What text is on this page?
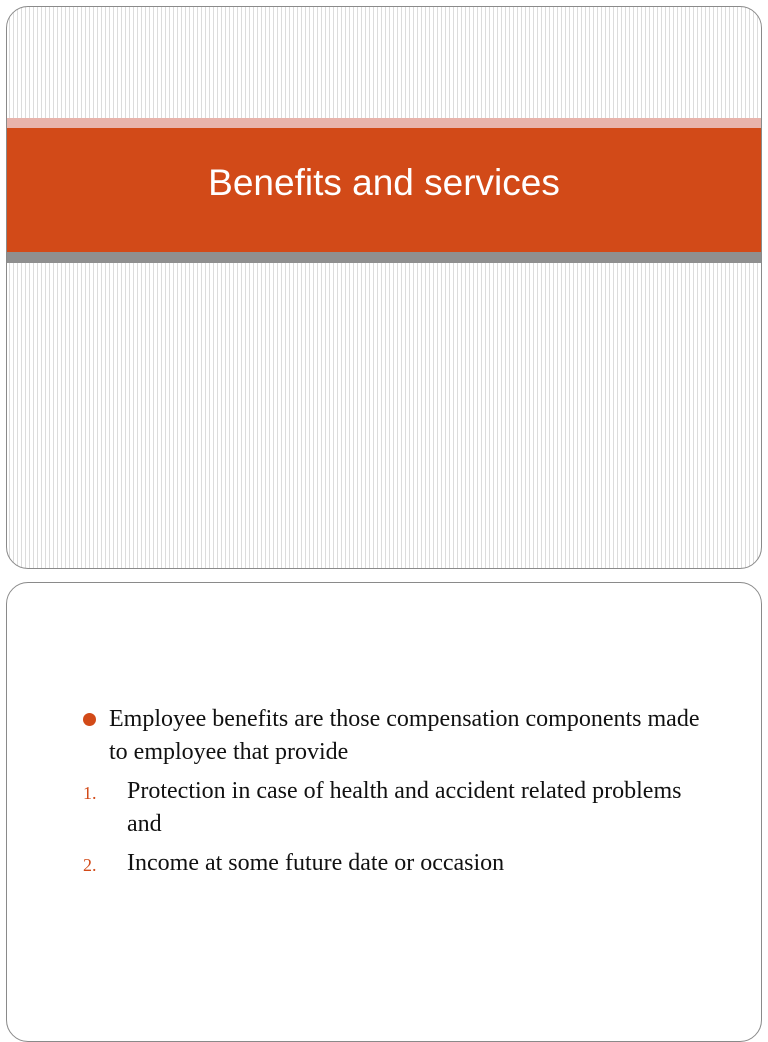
Benefits and services
Employee benefits are those compensation components made to employee that provide
1. Protection in case of health and accident related problems and
2. Income at some future date or occasion
